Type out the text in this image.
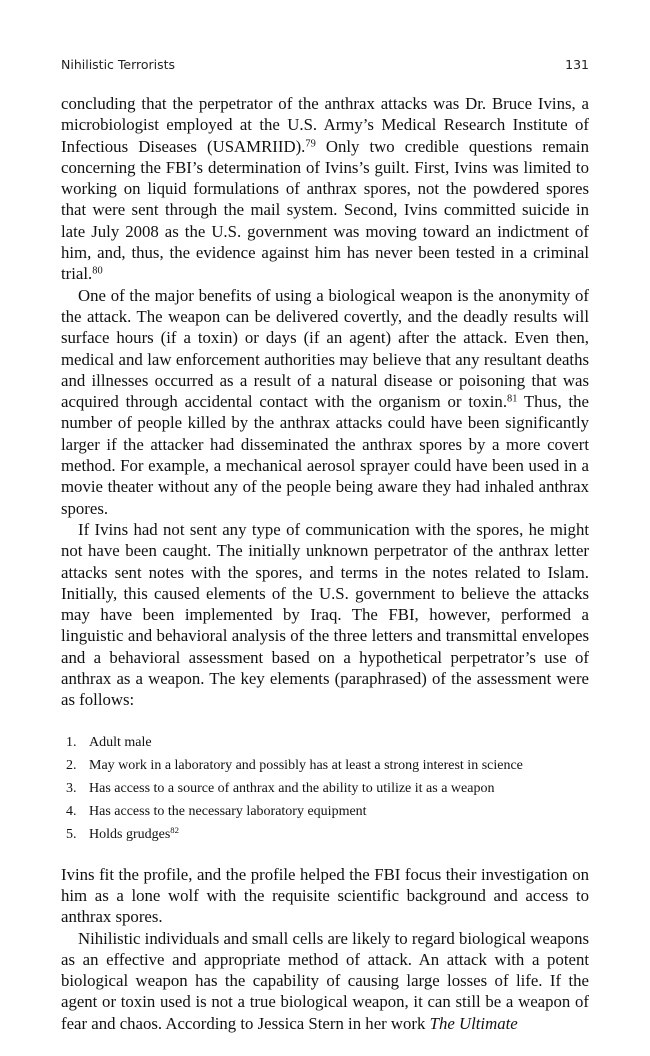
Nihilistic Terrorists	131

concluding that the perpetrator of the anthrax attacks was Dr. Bruce Ivins, a microbiologist employed at the U.S. Army’s Medical Research Institute of Infectious Diseases (USAMRIID).$^{79}$ Only two credible questions remain concerning the FBI’s determination of Ivins’s guilt. First, Ivins was limited to working on liquid formulations of anthrax spores, not the powdered spores that were sent through the mail system. Second, Ivins committed suicide in late July 2008 as the U.S. government was moving toward an indictment of him, and, thus, the evidence against him has never been tested in a criminal trial.$^{80}$

One of the major benefits of using a biological weapon is the anonymity of the attack. The weapon can be delivered covertly, and the deadly results will surface hours (if a toxin) or days (if an agent) after the attack. Even then, medical and law enforcement authorities may believe that any resultant deaths and illnesses occurred as a result of a natural disease or poisoning that was acquired through accidental contact with the organism or toxin.$^{81}$ Thus, the number of people killed by the anthrax attacks could have been significantly larger if the attacker had disseminated the anthrax spores by a more covert method. For example, a mechanical aerosol sprayer could have been used in a movie theater without any of the people being aware they had inhaled anthrax spores.

If Ivins had not sent any type of communication with the spores, he might not have been caught. The initially unknown perpetrator of the anthrax letter attacks sent notes with the spores, and terms in the notes related to Islam. Initially, this caused elements of the U.S. government to believe the attacks may have been implemented by Iraq. The FBI, however, performed a linguistic and behavioral analysis of the three letters and transmittal envelopes and a behavioral assessment based on a hypothetical perpetrator’s use of anthrax as a weapon. The key elements (paraphrased) of the assessment were as follows:

1. Adult male
2. May work in a laboratory and possibly has at least a strong interest in science
3. Has access to a source of anthrax and the ability to utilize it as a weapon
4. Has access to the necessary laboratory equipment
5. Holds grudges$^{82}$

Ivins fit the profile, and the profile helped the FBI focus their investigation on him as a lone wolf with the requisite scientific background and access to anthrax spores.

Nihilistic individuals and small cells are likely to regard biological weapons as an effective and appropriate method of attack. An attack with a potent biological weapon has the capability of causing large losses of life. If the agent or toxin used is not a true biological weapon, it can still be a weapon of fear and chaos. According to Jessica Stern in her work The Ultimate
